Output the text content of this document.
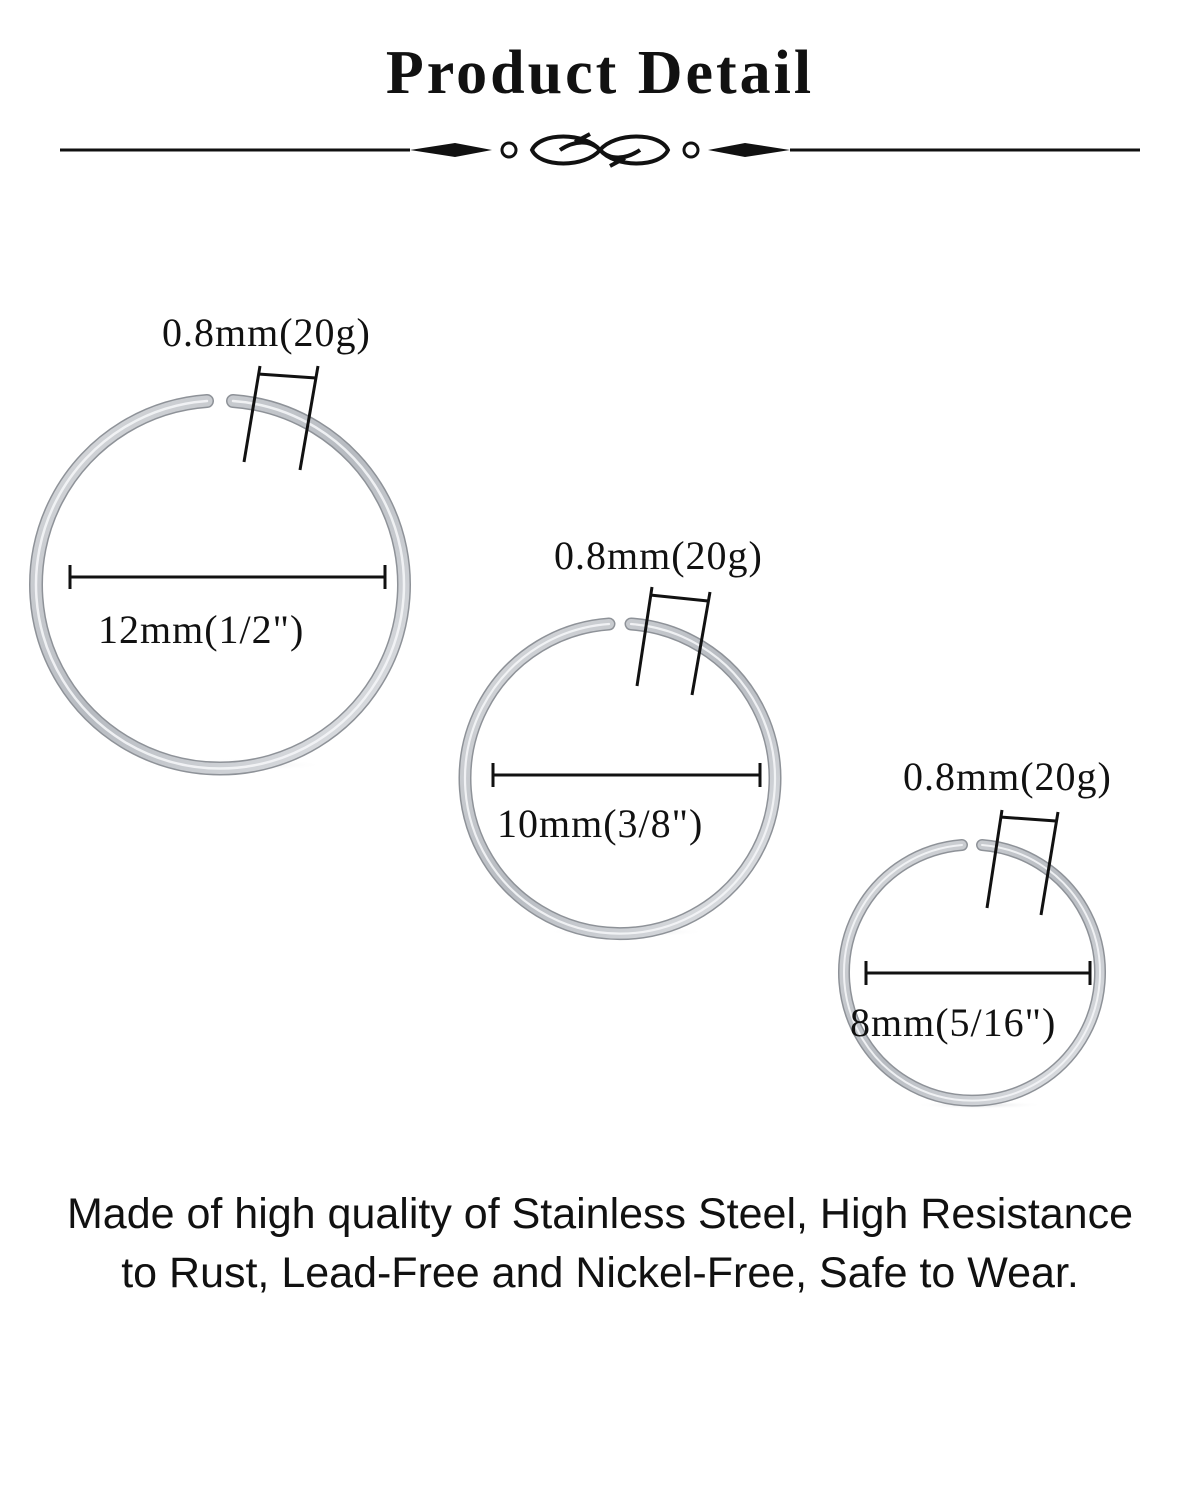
Product Detail
0.8mm(20g)
12mm(1/2")
0.8mm(20g)
10mm(3/8")
0.8mm(20g)
8mm(5/16")
Made of high quality of Stainless Steel, High Resistance to Rust, Lead-Free and Nickel-Free, Safe to Wear.
